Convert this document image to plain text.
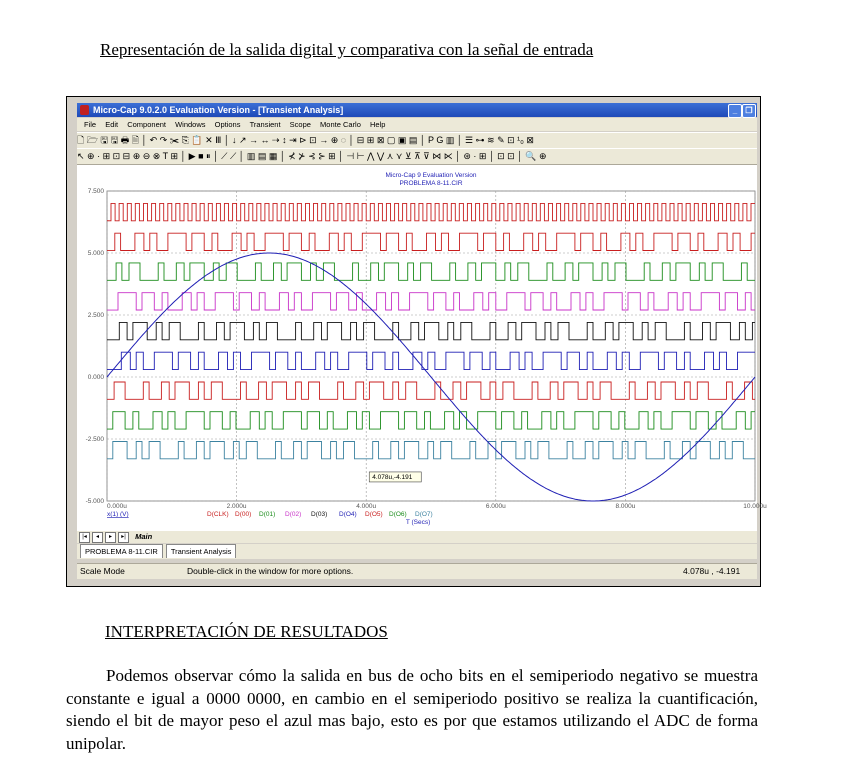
Representación de la salida digital y comparativa con la señal de entrada
Micro-Cap 9.0.2.0 Evaluation Version - [Transient Analysis]	_	❐
File Edit Component Windows Options Transient Scope Monte Carlo Help
🗋 🗁 🖫 🖫 🖶 🗎 │ ↶ ↷ ✂ ⎘ 📋 ✕ Ⅲ │ ↓ ↗ → ↔ ⇢ ↕ ⇥ ⊳ ⊡ → ⊕ ◌ │ ⊟ ⊞ ⊠ ▢ ▣ ▤ │ P G ▥ │ ☰ ⊶ ≋ ✎ ⊡ ¹₀ ⊠
↖ ⊕ · ⊞ ⊡ ⊟ ⊕ ⊖ ⊗ T ⊞ │ ▶ ■ ⏸ │ ⟋ ⟋ │ ▥ ▤ ▦ │ ⊀ ⊁ ⊰ ⊱ ⊞ │ ⊣ ⊢ ⋀ ⋁ ⋏ ⋎ ⊻ ⊼ ⊽ ⋈ ⋉ │ ⊛ · ⊞ │ ⊡ ⊡ │ 🔍 ⊕
0.000u	2.000u	4.000u	6.000u	8.000u	10.000u
-5.000
-2.500
0.000
2.500
5.000
7.500
Micro-Cap 9 Evaluation Version
PROBLEMA 8-11.CIR
4.078u,-4.191
x(1) (V)	D(CLK) D(00) D(01) D(02) D(03) D(O4) D(O5) D(O6) D(O7)
T (Secs)
|◂ ◂ ▸ ▸| Main
PROBLEMA 8-11.CIR Transient Analysis
Scale Mode	Double-click in the window for more options.	4.078u , -4.191
INTERPRETACIÓN DE RESULTADOS
Podemos observar cómo la salida en bus de ocho bits en el semiperiodo negativo se muestra constante e igual a 0000 0000, en cambio en el semiperiodo positivo se realiza la cuantificación, siendo el bit de mayor peso el azul mas bajo, esto es por que estamos utilizando el ADC de forma unipolar.
